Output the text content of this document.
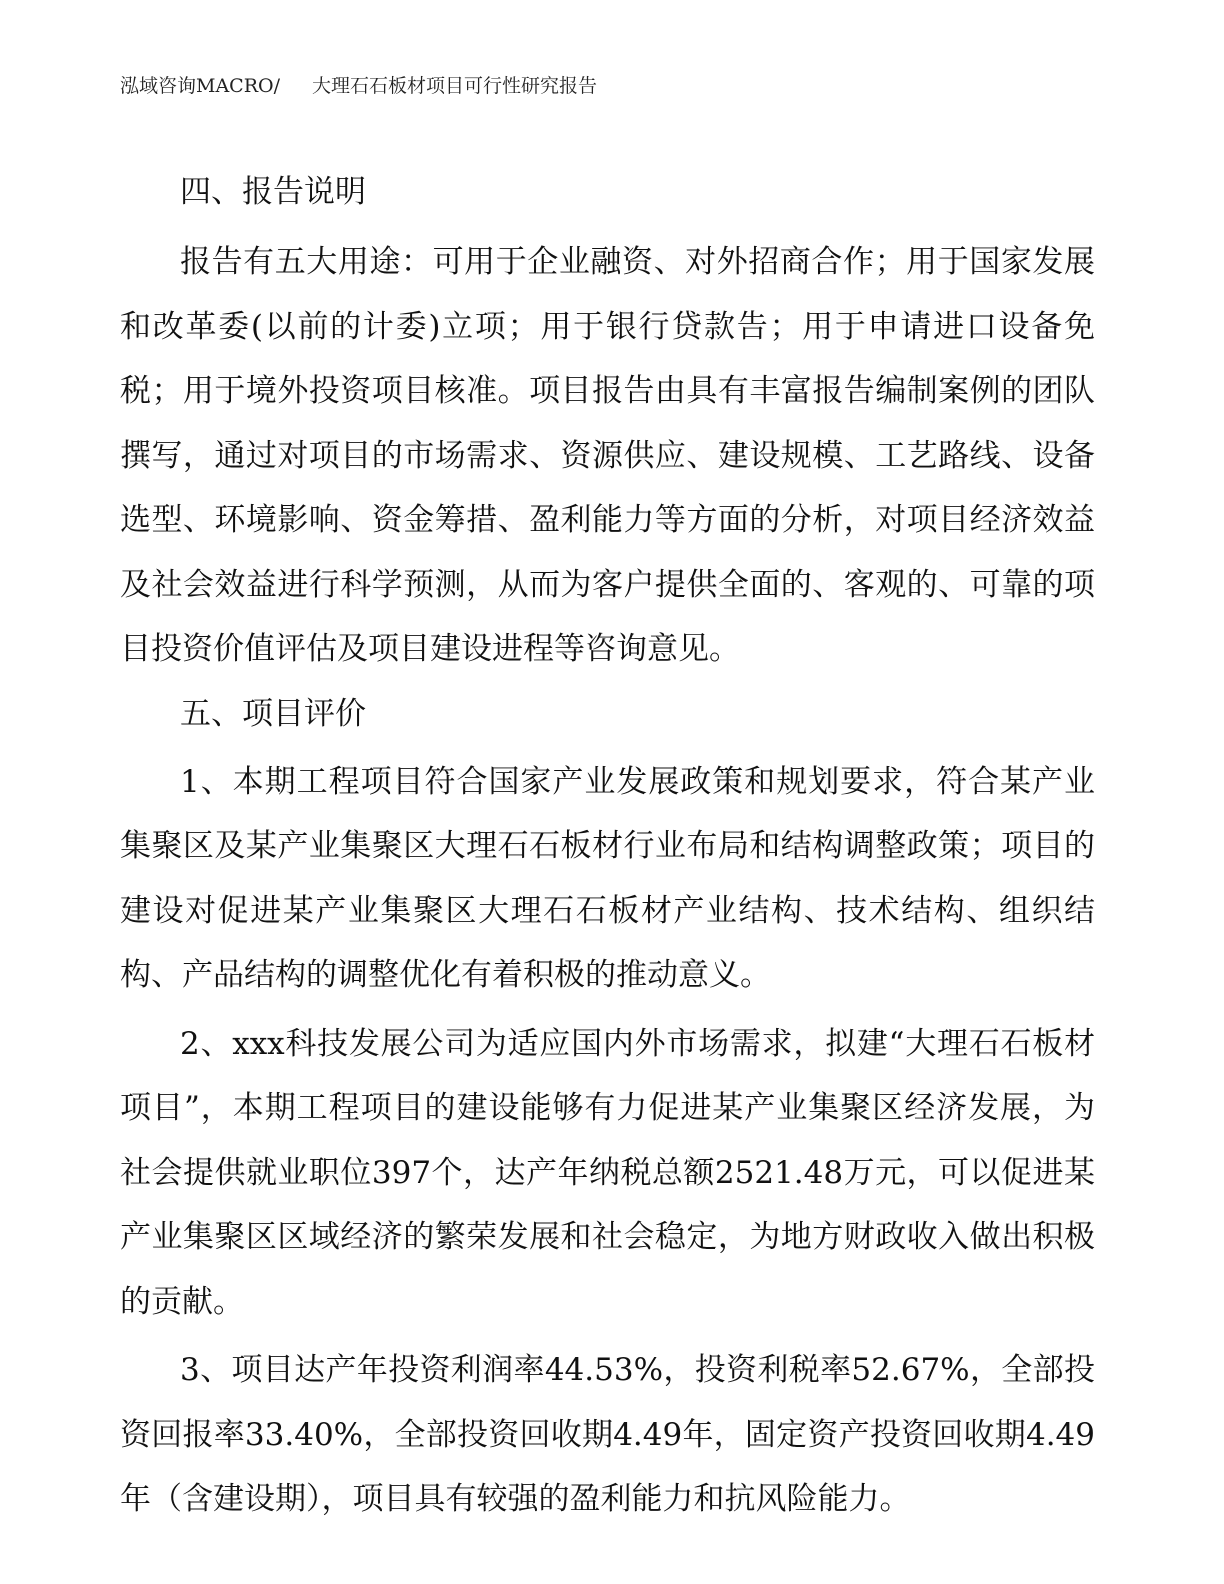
泓域咨询MACRO/ 大理石石板材项目可行性研究报告
四、报告说明

报告有五大用途：可用于企业融资、对外招商合作；用于国家发展和改革委(以前的计委)立项；用于银行贷款告；用于申请进口设备免税；用于境外投资项目核准。项目报告由具有丰富报告编制案例的团队撰写，通过对项目的市场需求、资源供应、建设规模、工艺路线、设备选型、环境影响、资金筹措、盈利能力等方面的分析，对项目经济效益及社会效益进行科学预测，从而为客户提供全面的、客观的、可靠的项目投资价值评估及项目建设进程等咨询意见。

五、项目评价

1、本期工程项目符合国家产业发展政策和规划要求，符合某产业集聚区及某产业集聚区大理石石板材行业布局和结构调整政策；项目的建设对促进某产业集聚区大理石石板材产业结构、技术结构、组织结构、产品结构的调整优化有着积极的推动意义。

2、xxx科技发展公司为适应国内外市场需求，拟建“大理石石板材项目”，本期工程项目的建设能够有力促进某产业集聚区经济发展，为社会提供就业职位397个，达产年纳税总额2521.48万元，可以促进某产业集聚区区域经济的繁荣发展和社会稳定，为地方财政收入做出积极的贡献。

3、项目达产年投资利润率44.53%，投资利税率52.67%，全部投资回报率33.40%，全部投资回收期4.49年，固定资产投资回收期4.49年（含建设期），项目具有较强的盈利能力和抗风险能力。
